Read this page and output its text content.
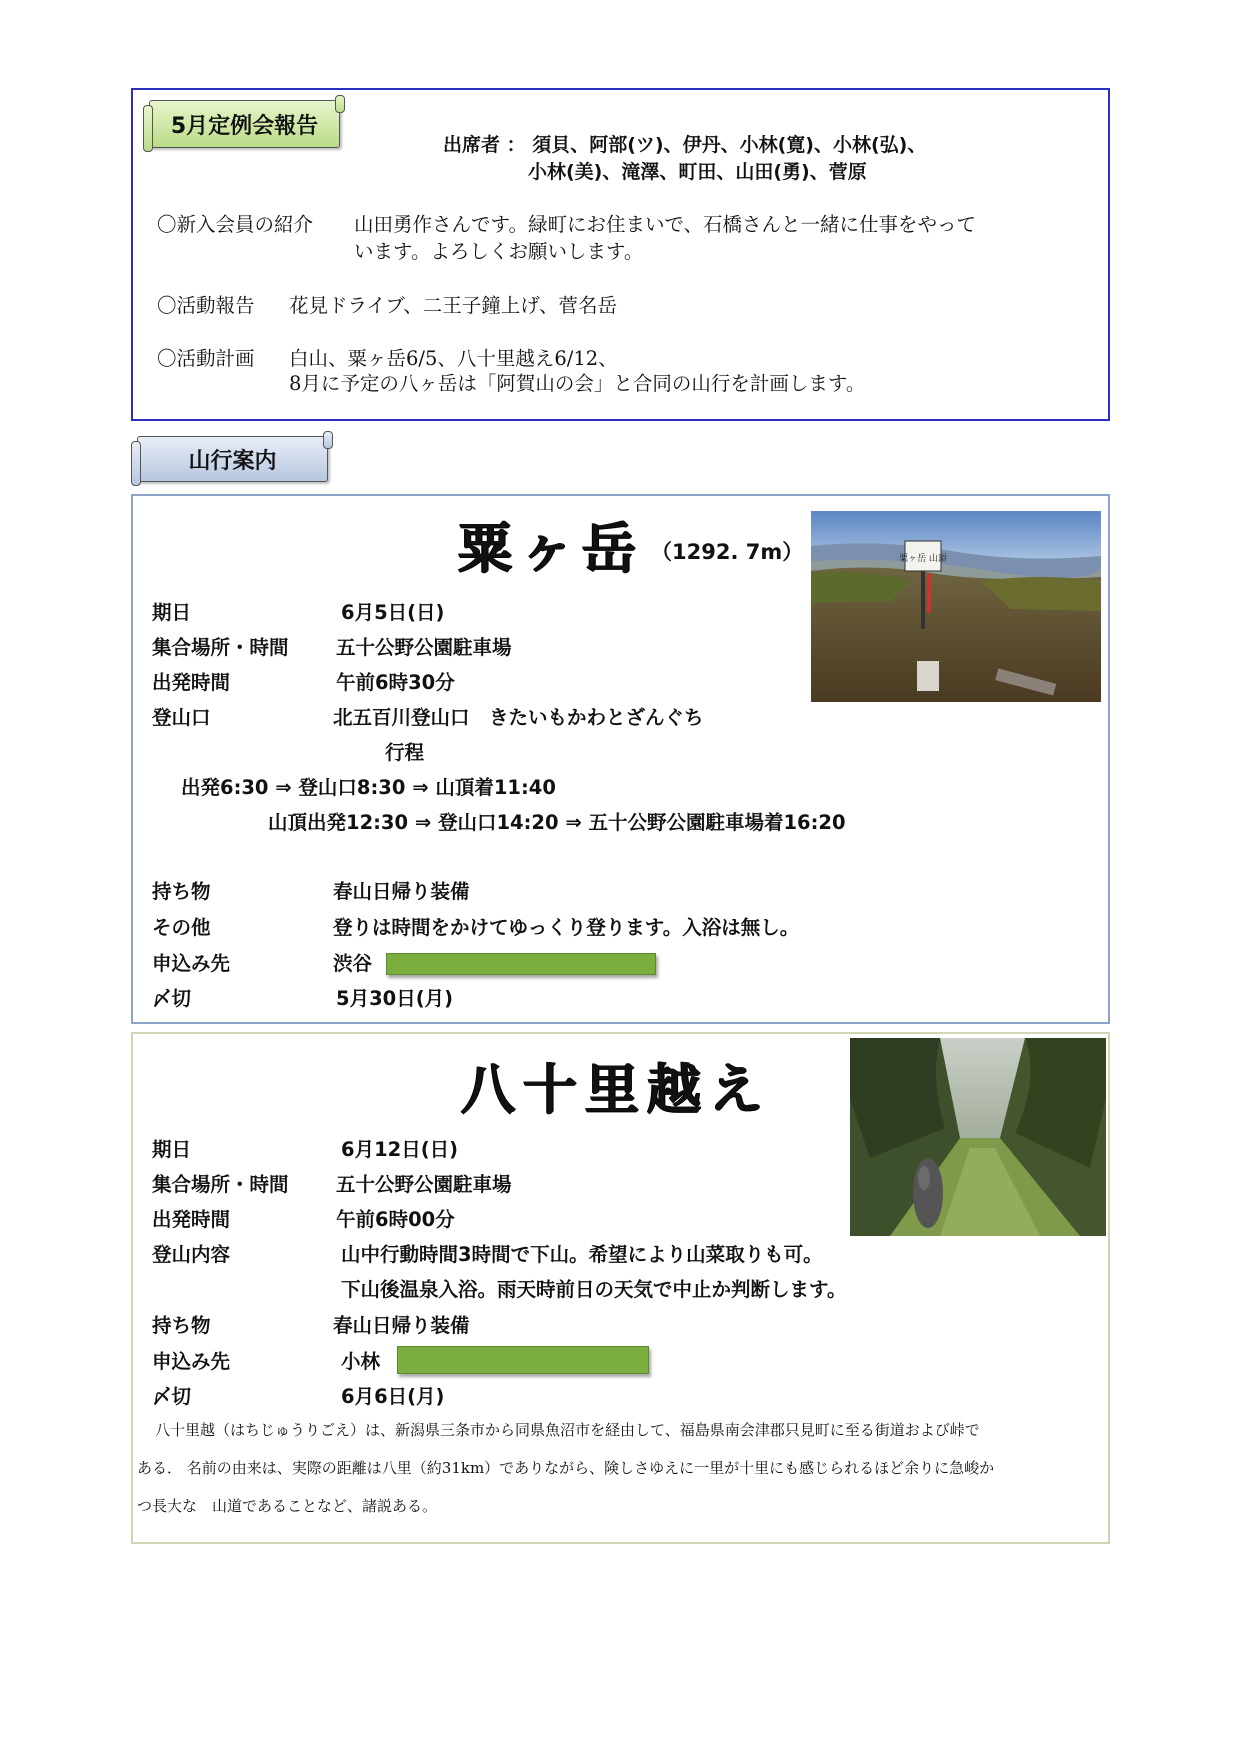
5月定例会報告
出席者 ： 須貝、阿部(ツ)、伊丹、小林(寛)、小林(弘)、
小林(美)、滝澤、町田、山田(勇)、菅原
〇新入会員の紹介 山田勇作さんです。緑町にお住まいで、石橋さんと一緒に仕事をやって
います。よろしくお願いします。
〇活動報告 花見ドライブ、二王子鐘上げ、菅名岳
〇活動計画 白山、粟ヶ岳6/5、八十里越え6/12、
8月に予定の八ヶ岳は「阿賀山の会」と合同の山行を計画します。
山行案内
粟ヶ岳 （1292. 7m）	粟ヶ岳 山頂
期日	6月5日(日)
集合場所・時間 五十公野公園駐車場
出発時間	午前6時30分
登山口	北五百川登山口　きたいもかわとざんぐち
行程
出発6:30 ⇒ 登山口8:30 ⇒ 山頂着11:40
山頂出発12:30 ⇒ 登山口14:20 ⇒ 五十公野公園駐車場着16:20
持ち物	春山日帰り装備
その他	登りは時間をかけてゆっくり登ります。入浴は無し。
申込み先	渋谷
〆切	5月30日(月)
八十里越え
期日	6月12日(日)
集合場所・時間 五十公野公園駐車場
出発時間	午前6時00分
登山内容	山中行動時間3時間で下山。希望により山菜取りも可。
下山後温泉入浴。雨天時前日の天気で中止か判断します。
持ち物	春山日帰り装備
申込み先	小林
〆切	6月6日(月)
八十里越（はちじゅうりごえ）は、新潟県三条市から同県魚沼市を経由して、福島県南会津郡只見町に至る街道および峠で
ある． 名前の由来は、実際の距離は八里（約31km）でありながら、険しさゆえに一里が十里にも感じられるほど余りに急峻か
つ長大な　山道であることなど、諸説ある。
